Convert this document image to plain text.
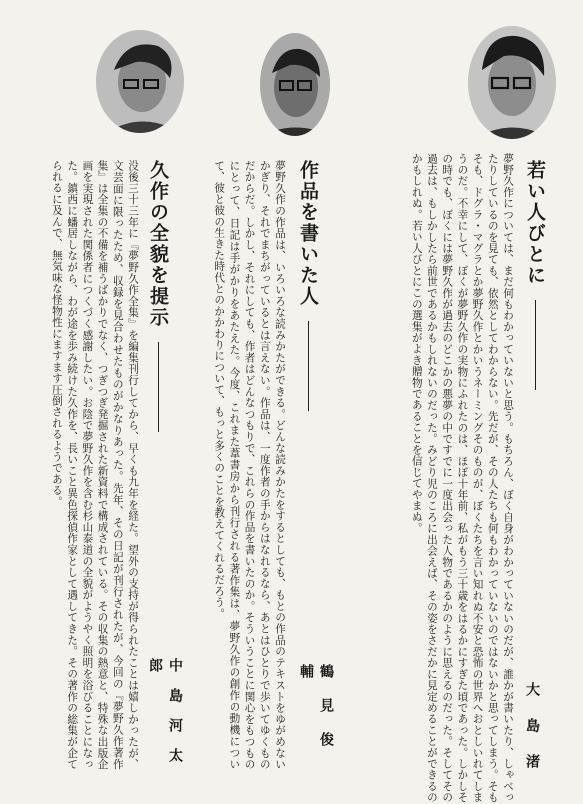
若い人びとに
大島渚
夢野久作については、まだ何もわかっていないと思う。もちろん、ぼく自身がわかっていないのだが、誰かが書いたり、しゃべったりしているのを見ても、依然としてわからない。先だが、その人たちも何もわかっていないのではないかと思ってしまう。そもそも、ドグラ・マグラとか夢野久作とかいうネーミングそのものが、ぼくたちを言い知れぬ不安と恐怖の世界へおとしいれてしまうのだ。不幸にして、ぼくが夢野久作の実物にふれたのは、ほぼ十年前、私がもう三十歳をはるかにすぎた頃であった。しかしその時でも、ぼくには夢野久作が過去のどこかの悪夢の中ですでに一度出会った人物であるかのように思えるのだった。そしてその過去は、もしかしたら前世であるかもしれないのだった。みどり児のころに出会えば、その姿をさだかに見定めることができるのかもしれぬ。若い人びとにこの選集がよき贈物であることを信じてやまぬ。
作品を書いた人
鶴見俊輔
夢野久作の作品は、いろいろな読みかたができる。どんな読みかたをするとしても、もとの作品のテキストをゆがめないかぎり、それでまちがっているとは言えない。作品は、一度作者の手からはなれるなら、あとはひとりで歩いてゆくものだからだ。しかし、それにしても、作者はどんなつもりで、これらの作品を書いたのか。そういうことに関心をもつものにとって、日記は手がかりをあたえた。今度、これまた葦書房から刊行される著作集は、夢野久作の創作の動機について、彼と彼の生きた時代とのかかわりについて、もっと多くのことを教えてくれるだろう。
久作の全貌を提示
中島河太郎
没後三十三年に『夢野久作全集』を編集刊行してから、早くも九年を経た。望外の支持が得られたことは嬉しかったが、文芸面に限ったため、収録を見合わせたものがかなりあった。先年、その日記が刊行されたが、今回の『夢野久作著作集』は全集の不備を補うばかりでなく、つぎつぎ発掘された新資料で構成されている。その収集の熱意と、特殊な出版企画を実現された関係者につくづく感謝したい。お陰で夢野久作を含む杉山泰道の全貌がようやく照明を浴びることになった。鎮西に蟠居しながら、わが途を歩み続けた久作を、長いこと異色探偵作家として遇してきた。その著作の総集が企てられるに及んで、無気味な怪物性にますます圧倒されるようである。
